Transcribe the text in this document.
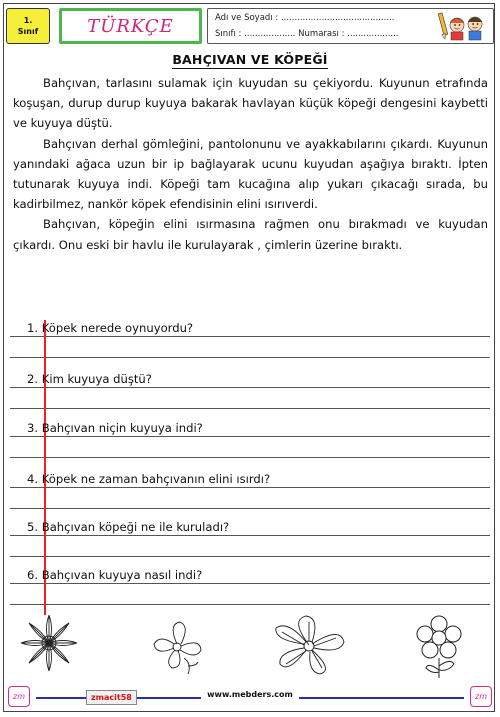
1.
Sınıf	TÜRKÇE	Adı ve Soyadı : ..........................................
Sınıfı : ................... Numarası : ...................
BAHÇIVAN VE KÖPEĞİ

Bahçıvan, tarlasını sulamak için kuyudan su çekiyordu. Kuyunun etrafında koşuşan, durup durup kuyuya bakarak havlayan küçük köpeği dengesini kaybetti ve kuyuya düştü.

Bahçıvan derhal gömleğini, pantolonunu ve ayakkabılarını çıkardı. Kuyunun yanındaki ağaca uzun bir ip bağlayarak ucunu kuyudan aşağıya bıraktı. İpten tutunarak kuyuya indi. Köpeği tam kucağına alıp yukarı çıkacağı sırada, bu kadirbilmez, nankör köpek efendisinin elini ısırıverdi.

Bahçıvan, köpeğin elini ısırmasına rağmen onu bırakmadı ve kuyudan çıkardı. Onu eski bir havlu ile kurulayarak , çimlerin üzerine bıraktı.

1. Köpek nerede oynuyordu?
2. Kim kuyuya düştü?
3. Bahçıvan niçin kuyuya indi?
4. Köpek ne zaman bahçıvanın elini ısırdı?
5. Bahçıvan köpeği ne ile kuruladı?
6. Bahçıvan kuyuya nasıl indi?
zm	zmacit58	www.mebders.com	zm
